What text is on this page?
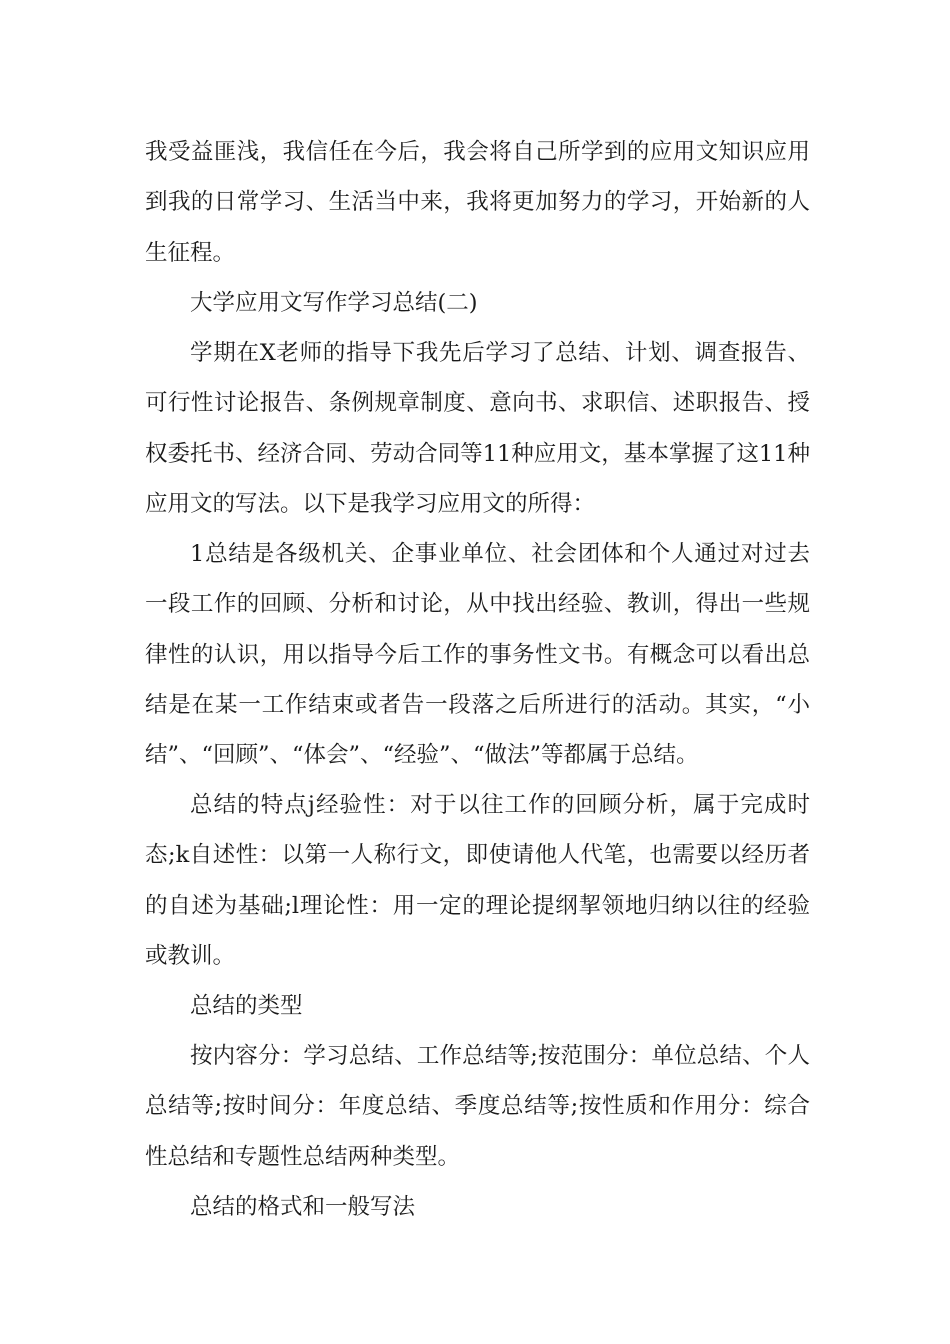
我受益匪浅，我信任在今后，我会将自己所学到的应用文知识应用到我的日常学习、生活当中来，我将更加努力的学习，开始新的人生征程。

大学应用文写作学习总结(二)

学期在X老师的指导下我先后学习了总结、计划、调查报告、可行性讨论报告、条例规章制度、意向书、求职信、述职报告、授权委托书、经济合同、劳动合同等11种应用文，基本掌握了这11种应用文的写法。以下是我学习应用文的所得：

1总结是各级机关、企事业单位、社会团体和个人通过对过去一段工作的回顾、分析和讨论，从中找出经验、教训，得出一些规律性的认识，用以指导今后工作的事务性文书。有概念可以看出总结是在某一工作结束或者告一段落之后所进行的活动。其实，“小结”、“回顾”、“体会”、“经验”、“做法”等都属于总结。

总结的特点j经验性：对于以往工作的回顾分析，属于完成时态;k自述性：以第一人称行文，即使请他人代笔，也需要以经历者的自述为基础;l理论性：用一定的理论提纲挈领地归纳以往的经验或教训。

总结的类型

按内容分：学习总结、工作总结等;按范围分：单位总结、个人总结等;按时间分：年度总结、季度总结等;按性质和作用分：综合性总结和专题性总结两种类型。

总结的格式和一般写法
